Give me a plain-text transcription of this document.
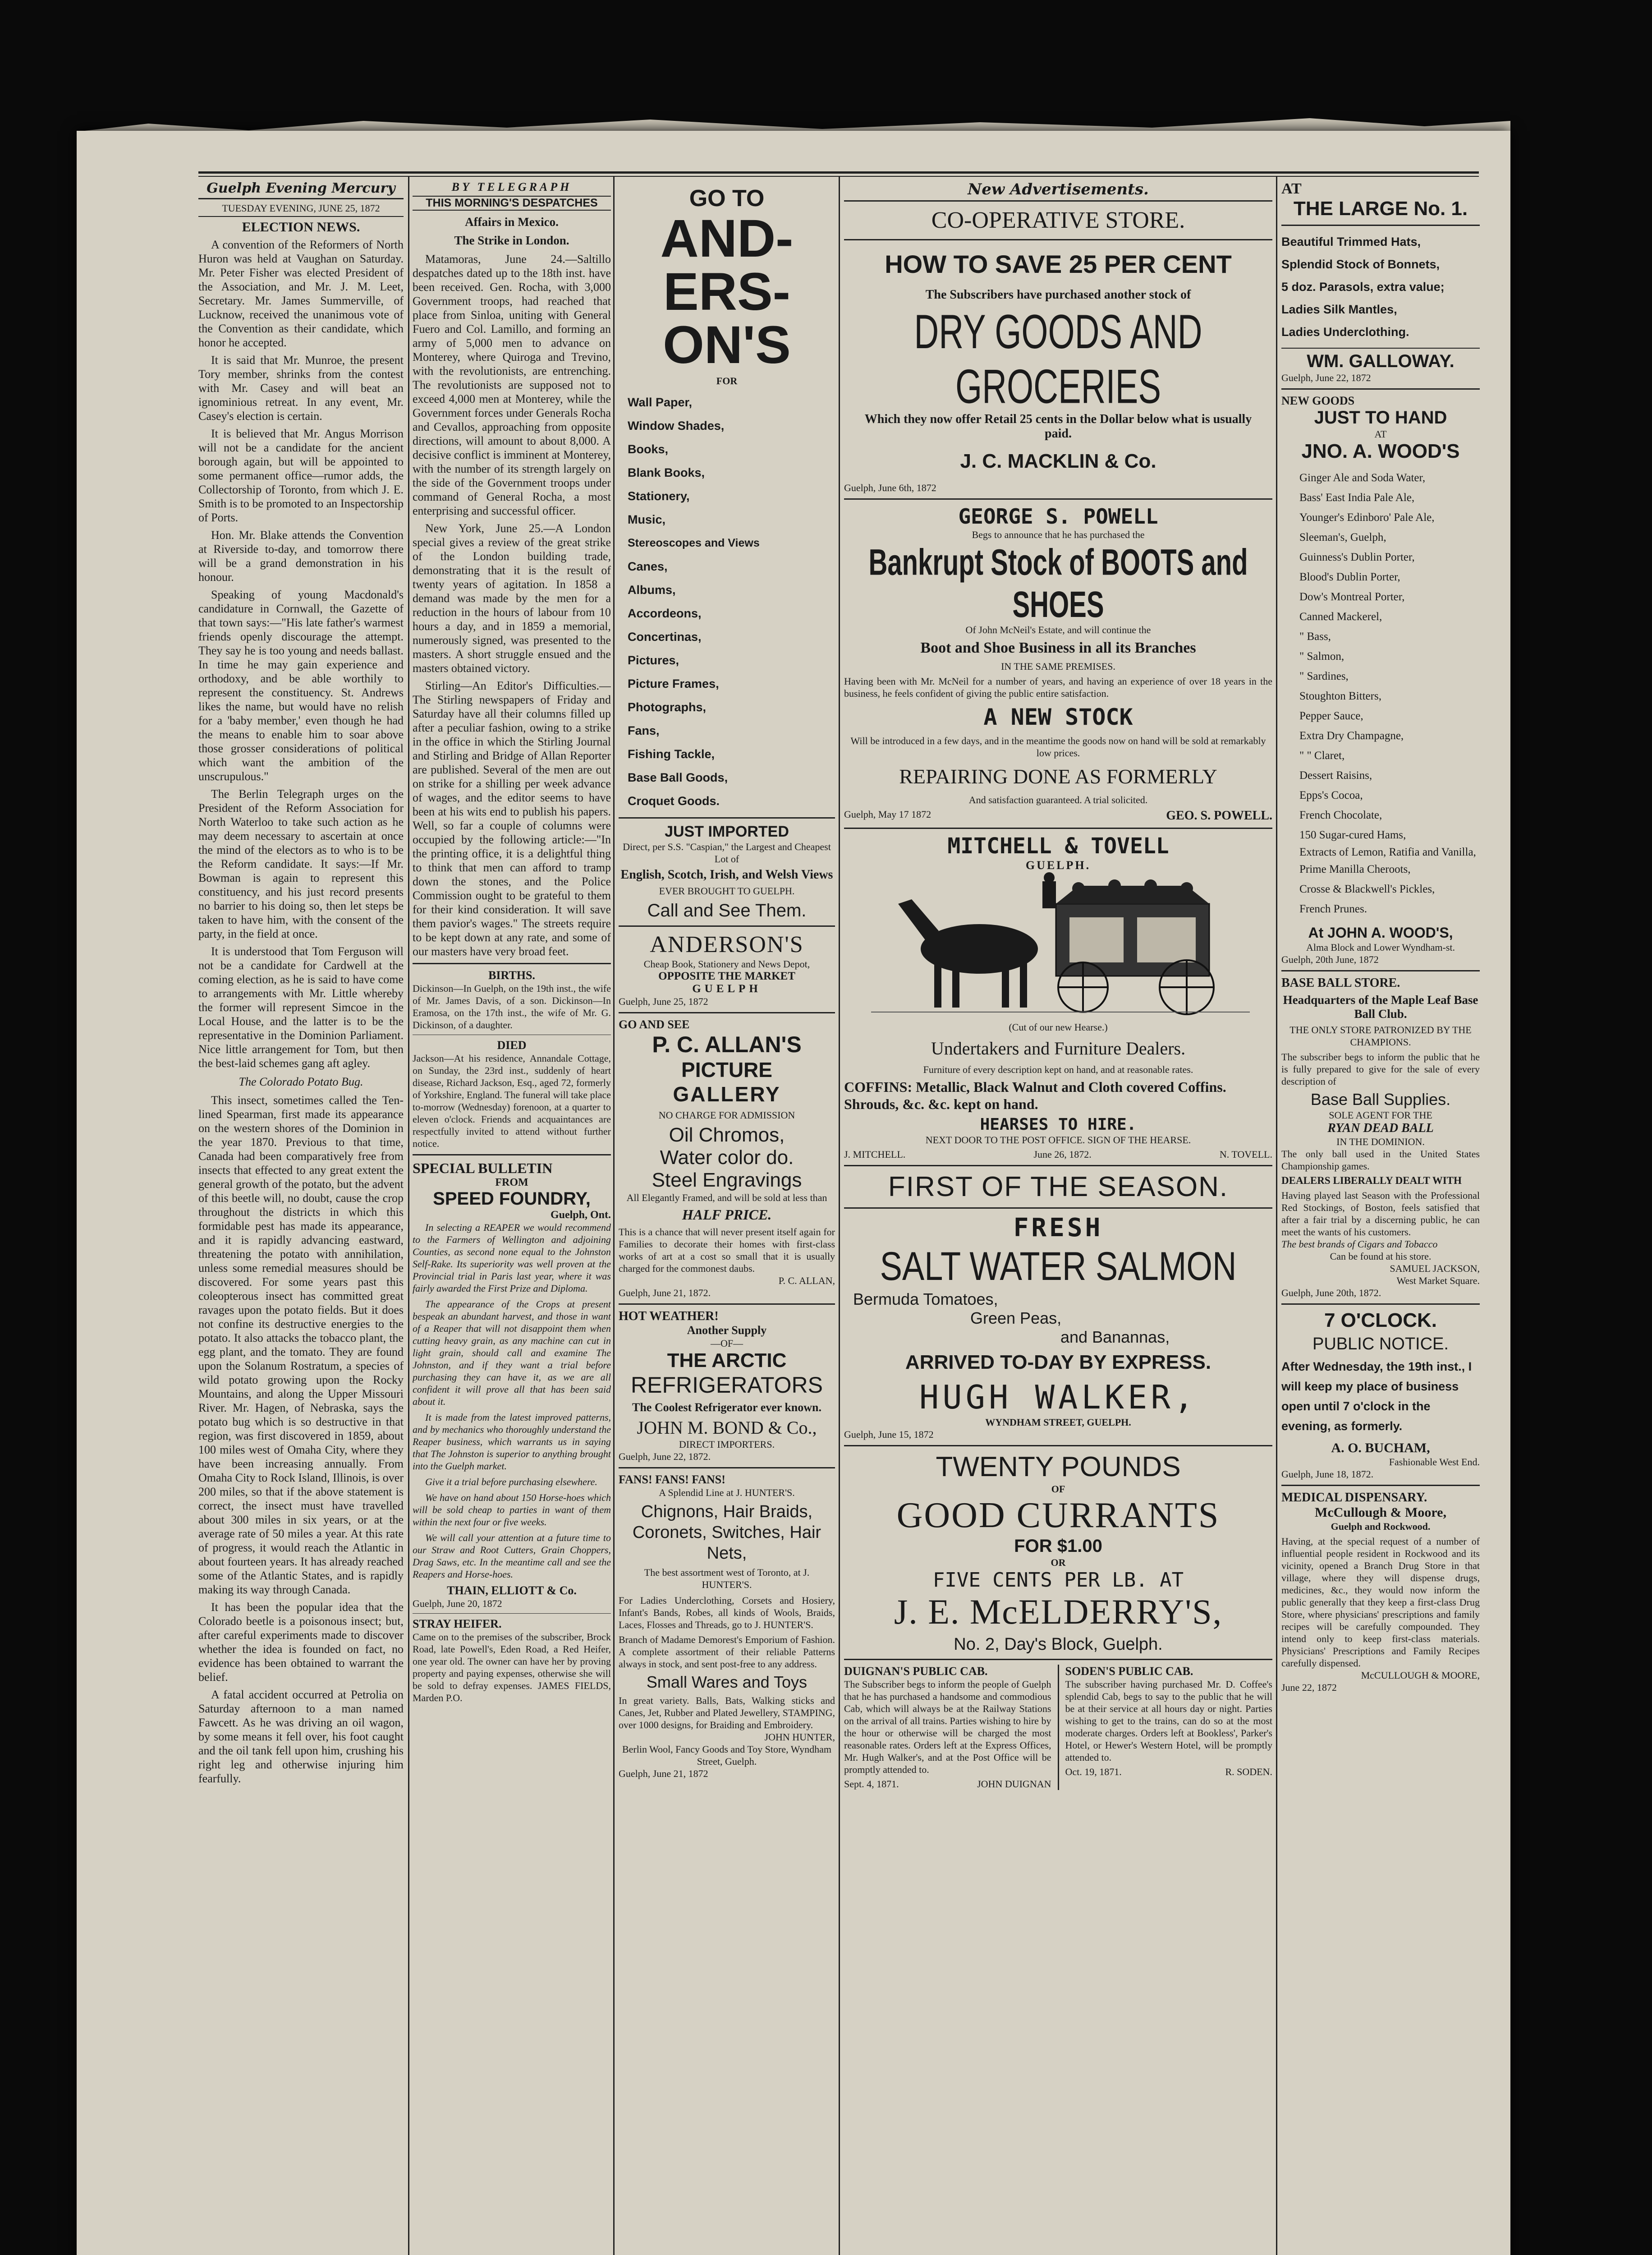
Guelph Evening Mercury
TUESDAY EVENING, JUNE 25, 1872
ELECTION NEWS.

A convention of the Reformers of North Huron was held at Vaughan on Saturday. Mr. Peter Fisher was elected President of the Association, and Mr. J. M. Leet, Secretary. Mr. James Summerville, of Lucknow, received the unanimous vote of the Convention as their candidate, which honor he accepted.

It is said that Mr. Munroe, the present Tory member, shrinks from the contest with Mr. Casey and will beat an ignominious retreat. In any event, Mr. Casey's election is certain.

It is believed that Mr. Angus Morrison will not be a candidate for the ancient borough again, but will be appointed to some permanent office—rumor adds, the Collectorship of Toronto, from which J. E. Smith is to be promoted to an Inspectorship of Ports.

Hon. Mr. Blake attends the Convention at Riverside to-day, and tomorrow there will be a grand demonstration in his honour.

Speaking of young Macdonald's candidature in Cornwall, the Gazette of that town says:—"His late father's warmest friends openly discourage the attempt. They say he is too young and needs ballast. In time he may gain experience and orthodoxy, and be able worthily to represent the constituency. St. Andrews likes the name, but would have no relish for a 'baby member,' even though he had the means to enable him to soar above those grosser considerations of political which want the ambition of the unscrupulous."

The Berlin Telegraph urges on the President of the Reform Association for North Waterloo to take such action as he may deem necessary to ascertain at once the mind of the electors as to who is to be the Reform candidate. It says:—If Mr. Bowman is again to represent this constituency, and his just record presents no barrier to his doing so, then let steps be taken to have him, with the consent of the party, in the field at once.

It is understood that Tom Ferguson will not be a candidate for Cardwell at the coming election, as he is said to have come to arrangements with Mr. Little whereby the former will represent Simcoe in the Local House, and the latter is to be the representative in the Dominion Parliament. Nice little arrangement for Tom, but then the best-laid schemes gang aft agley.

The Colorado Potato Bug.

This insect, sometimes called the Ten-lined Spearman, first made its appearance on the western shores of the Dominion in the year 1870. Previous to that time, Canada had been comparatively free from insects that effected to any great extent the general growth of the potato, but the advent of this beetle will, no doubt, cause the crop throughout the districts in which this formidable pest has made its appearance, and it is rapidly advancing eastward, threatening the potato with annihilation, unless some remedial measures should be discovered. For some years past this coleopterous insect has committed great ravages upon the potato fields. But it does not confine its destructive energies to the potato. It also attacks the tobacco plant, the egg plant, and the tomato. They are found upon the Solanum Rostratum, a species of wild potato growing upon the Rocky Mountains, and along the Upper Missouri River. Mr. Hagen, of Nebraska, says the potato bug which is so destructive in that region, was first discovered in 1859, about 100 miles west of Omaha City, where they have been increasing annually. From Omaha City to Rock Island, Illinois, is over 200 miles, so that if the above statement is correct, the insect must have travelled about 300 miles in six years, or at the average rate of 50 miles a year. At this rate of progress, it would reach the Atlantic in about fourteen years. It has already reached some of the Atlantic States, and is rapidly making its way through Canada.

It has been the popular idea that the Colorado beetle is a poisonous insect; but, after careful experiments made to discover whether the idea is founded on fact, no evidence has been obtained to warrant the belief.

A fatal accident occurred at Petrolia on Saturday afternoon to a man named Fawcett. As he was driving an oil wagon, by some means it fell over, his foot caught and the oil tank fell upon him, crushing his right leg and otherwise injuring him fearfully.

BY TELEGRAPH
THIS MORNING'S DESPATCHES
Affairs in Mexico.
The Strike in London.

Matamoras, June 24.—Saltillo despatches dated up to the 18th inst. have been received. Gen. Rocha, with 3,000 Government troops, had reached that place from Sinloa, uniting with General Fuero and Col. Lamillo, and forming an army of 5,000 men to advance on Monterey, where Quiroga and Trevino, with the revolutionists, are entrenching. The revolutionists are supposed not to exceed 4,000 men at Monterey, while the Government forces under Generals Rocha and Cevallos, approaching from opposite directions, will amount to about 8,000. A decisive conflict is imminent at Monterey, with the number of its strength largely on the side of the Government troops under command of General Rocha, a most enterprising and successful officer.

New York, June 25.—A London special gives a review of the great strike of the London building trade, demonstrating that it is the result of twenty years of agitation. In 1858 a demand was made by the men for a reduction in the hours of labour from 10 hours a day, and in 1859 a memorial, numerously signed, was presented to the masters. A short struggle ensued and the masters obtained victory.

Stirling—An Editor's Difficulties.—The Stirling newspapers of Friday and Saturday have all their columns filled up after a peculiar fashion, owing to a strike in the office in which the Stirling Journal and Stirling and Bridge of Allan Reporter are published. Several of the men are out on strike for a shilling per week advance of wages, and the editor seems to have been at his wits end to publish his papers. Well, so far a couple of columns were occupied by the following article:—"In the printing office, it is a delightful thing to think that men can afford to tramp down the stones, and the Police Commission ought to be grateful to them for their kind consideration. It will save them pavior's wages." The streets require to be kept down at any rate, and some of our masters have very broad feet.

BIRTHS.
Dickinson—In Guelph, on the 19th inst., the wife of Mr. James Davis, of a son. Dickinson—In Eramosa, on the 17th inst., the wife of Mr. G. Dickinson, of a daughter.
DIED
Jackson—At his residence, Annandale Cottage, on Sunday, the 23rd inst., suddenly of heart disease, Richard Jackson, Esq., aged 72, formerly of Yorkshire, England. The funeral will take place to-morrow (Wednesday) forenoon, at a quarter to eleven o'clock. Friends and acquaintances are respectfully invited to attend without further notice.
SPECIAL BULLETIN
FROM
SPEED FOUNDRY,
Guelph, Ont.

In selecting a REAPER we would recommend to the Farmers of Wellington and adjoining Counties, as second none equal to the Johnston Self-Rake. Its superiority was well proven at the Provincial trial in Paris last year, where it was fairly awarded the First Prize and Diploma.

The appearance of the Crops at present bespeak an abundant harvest, and those in want of a Reaper that will not disappoint them when cutting heavy grain, as any machine can cut in light grain, should call and examine The Johnston, and if they want a trial before purchasing they can have it, as we are all confident it will prove all that has been said about it.

It is made from the latest improved patterns, and by mechanics who thoroughly understand the Reaper business, which warrants us in saying that The Johnston is superior to anything brought into the Guelph market.

Give it a trial before purchasing elsewhere.

We have on hand about 150 Horse-hoes which will be sold cheap to parties in want of them within the next four or five weeks.

We will call your attention at a future time to our Straw and Root Cutters, Grain Choppers, Drag Saws, etc. In the meantime call and see the Reapers and Horse-hoes.

THAIN, ELLIOTT & Co.
Guelph, June 20, 1872
STRAY HEIFER.
Came on to the premises of the subscriber, Brock Road, late Powell's, Eden Road, a Red Heifer, one year old. The owner can have her by proving property and paying expenses, otherwise she will be sold to defray expenses. JAMES FIELDS, Marden P.O.
GO TO
AND-
ERS-
ON'S
FOR
Wall Paper,
Window Shades,
Books,
Blank Books,
Stationery,
Music,
Stereoscopes and Views
Canes,
Albums,
Accordeons,
Concertinas,
Pictures,
Picture Frames,
Photographs,
Fans,
Fishing Tackle,
Base Ball Goods,
Croquet Goods.
JUST IMPORTED
Direct, per S.S. "Caspian," the Largest and Cheapest Lot of
English, Scotch, Irish, and Welsh Views
EVER BROUGHT TO GUELPH.
Call and See Them.
ANDERSON'S
Cheap Book, Stationery and News Depot,
OPPOSITE THE MARKET
GUELPH
Guelph, June 25, 1872
GO AND SEE
P. C. ALLAN'S
PICTURE
GALLERY
NO CHARGE FOR ADMISSION
Oil Chromos,
Water color do.
Steel Engravings
All Elegantly Framed, and will be sold at less than
HALF PRICE.
This is a chance that will never present itself again for Families to decorate their homes with first-class works of art at a cost so small that it is usually charged for the commonest daubs.
P. C. ALLAN,
Guelph, June 21, 1872.
HOT WEATHER!
Another Supply
—OF—
THE ARCTIC
REFRIGERATORS
The Coolest Refrigerator ever known.
JOHN M. BOND & Co.,
DIRECT IMPORTERS.
Guelph, June 22, 1872.
FANS! FANS! FANS!
A Splendid Line at J. HUNTER'S.
Chignons, Hair Braids, Coronets, Switches, Hair Nets,
The best assortment west of Toronto, at J. HUNTER'S.
For Ladies Underclothing, Corsets and Hosiery, Infant's Bands, Robes, all kinds of Wools, Braids, Laces, Flosses and Threads, go to J. HUNTER'S.
Branch of Madame Demorest's Emporium of Fashion. A complete assortment of their reliable Patterns always in stock, and sent post-free to any address.
Small Wares and Toys
In great variety. Balls, Bats, Walking sticks and Canes, Jet, Rubber and Plated Jewellery, STAMPING, over 1000 designs, for Braiding and Embroidery.
JOHN HUNTER,
Berlin Wool, Fancy Goods and Toy Store, Wyndham Street, Guelph.
Guelph, June 21, 1872
New Advertisements.
CO-OPERATIVE STORE.
HOW TO SAVE 25 PER CENT
The Subscribers have purchased another stock of
DRY GOODS AND GROCERIES
Which they now offer Retail 25 cents in the Dollar below what is usually paid.
J. C. MACKLIN & Co.
Guelph, June 6th, 1872
GEORGE S. POWELL
Begs to announce that he has purchased the
Bankrupt Stock of BOOTS and SHOES
Of John McNeil's Estate, and will continue the
Boot and Shoe Business in all its Branches
IN THE SAME PREMISES.
Having been with Mr. McNeil for a number of years, and having an experience of over 18 years in the business, he feels confident of giving the public entire satisfaction.
A NEW STOCK
Will be introduced in a few days, and in the meantime the goods now on hand will be sold at remarkably low prices.
REPAIRING DONE AS FORMERLY
And satisfaction guaranteed. A trial solicited.
Guelph, May 17 1872	GEO. S. POWELL.
MITCHELL & TOVELL
GUELPH.
(Cut of our new Hearse.)
Undertakers and Furniture Dealers.
Furniture of every description kept on hand, and at reasonable rates.
COFFINS: Metallic, Black Walnut and Cloth covered Coffins. Shrouds, &c. &c. kept on hand.
HEARSES TO HIRE.
NEXT DOOR TO THE POST OFFICE. SIGN OF THE HEARSE.
J. MITCHELL.	June 26, 1872.	N. TOVELL.
FIRST OF THE SEASON.
FRESH
SALT WATER SALMON
Bermuda Tomatoes,
Green Peas,
and Banannas,
ARRIVED TO-DAY BY EXPRESS.
HUGH WALKER,
WYNDHAM STREET, GUELPH.
Guelph, June 15, 1872
TWENTY POUNDS
OF
GOOD CURRANTS
FOR $1.00
OR
FIVE CENTS PER LB. AT
J. E. McELDERRY'S,
No. 2, Day's Block, Guelph.
DUIGNAN'S PUBLIC CAB.
The Subscriber begs to inform the people of Guelph that he has purchased a handsome and commodious Cab, which will always be at the Railway Stations on the arrival of all trains. Parties wishing to hire by the hour or otherwise will be charged the most reasonable rates. Orders left at the Express Offices, Mr. Hugh Walker's, and at the Post Office will be promptly attended to.
Sept. 4, 1871.	JOHN DUIGNAN
SODEN'S PUBLIC CAB.
The subscriber having purchased Mr. D. Coffee's splendid Cab, begs to say to the public that he will be at their service at all hours day or night. Parties wishing to get to the trains, can do so at the most moderate charges. Orders left at Bookless', Parker's Hotel, or Hewer's Western Hotel, will be promptly attended to.
Oct. 19, 1871.	R. SODEN.
AT
THE LARGE No. 1.
Beautiful Trimmed Hats,
Splendid Stock of Bonnets,
5 doz. Parasols, extra value;
Ladies Silk Mantles,
Ladies Underclothing.
WM. GALLOWAY.
Guelph, June 22, 1872
NEW GOODS
JUST TO HAND
AT
JNO. A. WOOD'S
Ginger Ale and Soda Water,
Bass' East India Pale Ale,
Younger's Edinboro' Pale Ale,
Sleeman's, Guelph,
Guinness's Dublin Porter,
Blood's Dublin Porter,
Dow's Montreal Porter,
Canned Mackerel,
" Bass,
" Salmon,
" Sardines,
Stoughton Bitters,
Pepper Sauce,
Extra Dry Champagne,
" " Claret,
Dessert Raisins,
Epps's Cocoa,
French Chocolate,
150 Sugar-cured Hams,
Extracts of Lemon, Ratifia and Vanilla,
Prime Manilla Cheroots,
Crosse & Blackwell's Pickles,
French Prunes.
At JOHN A. WOOD'S,
Alma Block and Lower Wyndham-st.
Guelph, 20th June, 1872
BASE BALL STORE.
Headquarters of the Maple Leaf Base Ball Club.
THE ONLY STORE PATRONIZED BY THE CHAMPIONS.
The subscriber begs to inform the public that he is fully prepared to give for the sale of every description of
Base Ball Supplies.
SOLE AGENT FOR THE
RYAN DEAD BALL
IN THE DOMINION.
The only ball used in the United States Championship games.
DEALERS LIBERALLY DEALT WITH
Having played last Season with the Professional Red Stockings, of Boston, feels satisfied that after a fair trial by a discerning public, he can meet the wants of his customers.
The best brands of Cigars and Tobacco
Can be found at his store.
SAMUEL JACKSON,
West Market Square.
Guelph, June 20th, 1872.
7 O'CLOCK.
PUBLIC NOTICE.
After Wednesday, the 19th inst., I will keep my place of business open until 7 o'clock in the evening, as formerly.
A. O. BUCHAM,
Fashionable West End.
Guelph, June 18, 1872.
MEDICAL DISPENSARY.
McCullough & Moore,
Guelph and Rockwood.
Having, at the special request of a number of influential people resident in Rockwood and its vicinity, opened a Branch Drug Store in that village, where they will dispense drugs, medicines, &c., they would now inform the public generally that they keep a first-class Drug Store, where physicians' prescriptions and family recipes will be carefully compounded. They intend only to keep first-class materials. Physicians' Prescriptions and Family Recipes carefully dispensed.
McCULLOUGH & MOORE,
June 22, 1872
